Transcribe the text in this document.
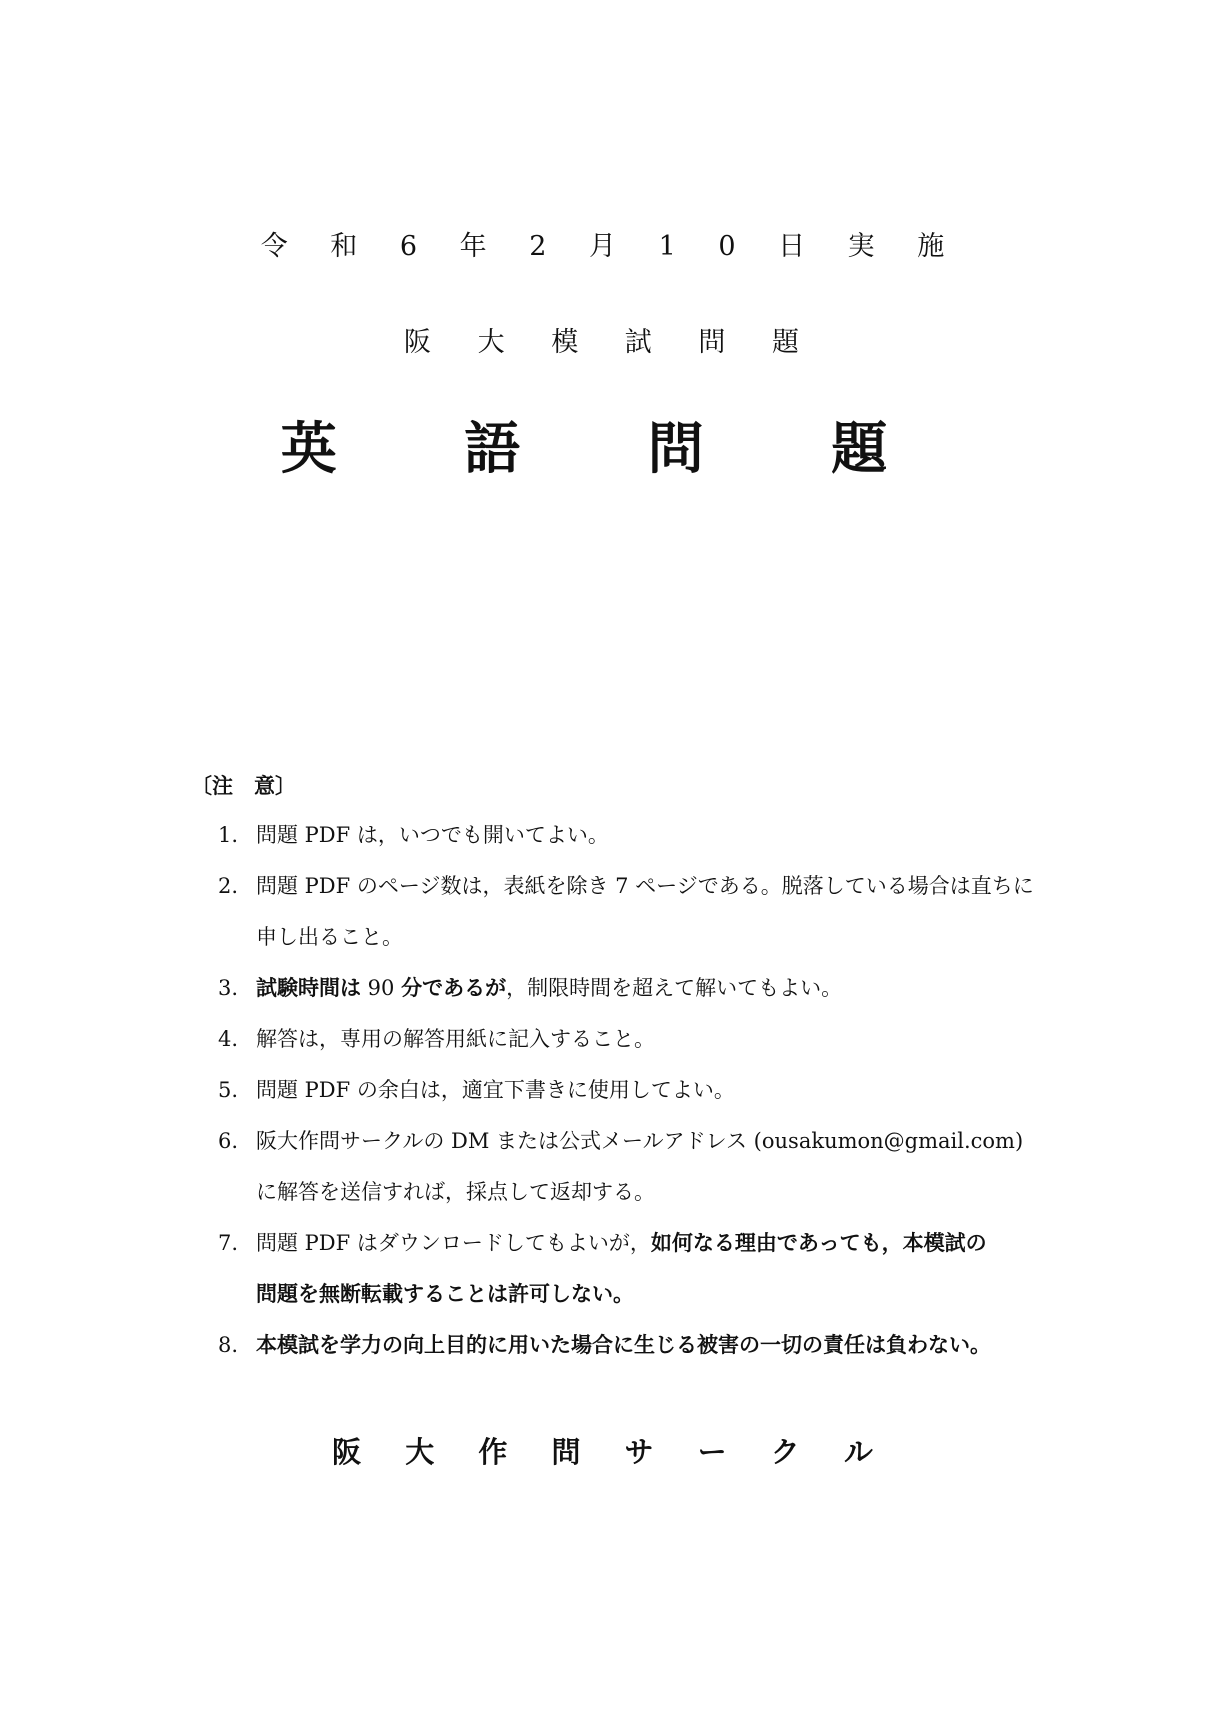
令 和 6 年 2 月 1 0 日 実 施
阪 大 模 試 問 題
英 語 問 題
〔注　意〕
1. 問題 PDF は，いつでも開いてよい。
2. 問題 PDF のページ数は，表紙を除き 7 ページである。脱落している場合は直ちに
申し出ること。
3. 試験時間は 90 分であるが，制限時間を超えて解いてもよい。
4. 解答は，専用の解答用紙に記入すること。
5. 問題 PDF の余白は，適宜下書きに使用してよい。
6. 阪大作問サークルの DM または公式メールアドレス (ousakumon@gmail.com)
に解答を送信すれば，採点して返却する。
7. 問題 PDF はダウンロードしてもよいが，如何なる理由であっても，本模試の
問題を無断転載することは許可しない。
8. 本模試を学力の向上目的に用いた場合に生じる被害の一切の責任は負わない。
阪 大 作 問 サ ー ク ル
